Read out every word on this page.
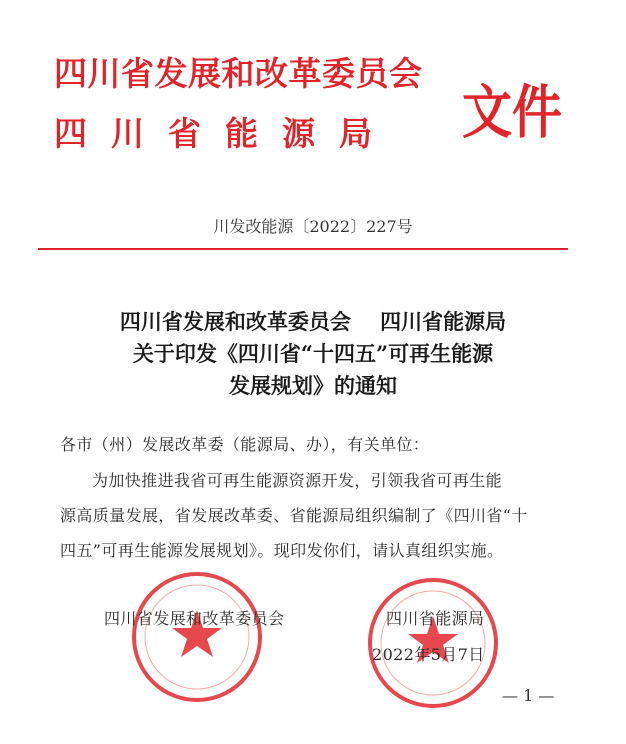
四川省发展和改革委员会
四川省能源局 文件
川发改能源〔2022〕227号
四川省发展和改革委员会    四川省能源局
关于印发《四川省“十四五”可再生能源
发展规划》的通知
各市（州）发展改革委（能源局、办），有关单位：
为加快推进我省可再生能源资源开发，引领我省可再生能
源高质量发展，省发展改革委、省能源局组织编制了《四川省“十
四五”可再生能源发展规划》。现印发你们，请认真组织实施。
四川省发展和改革委员会	四川省能源局
2022年5月7日
— 1 —
